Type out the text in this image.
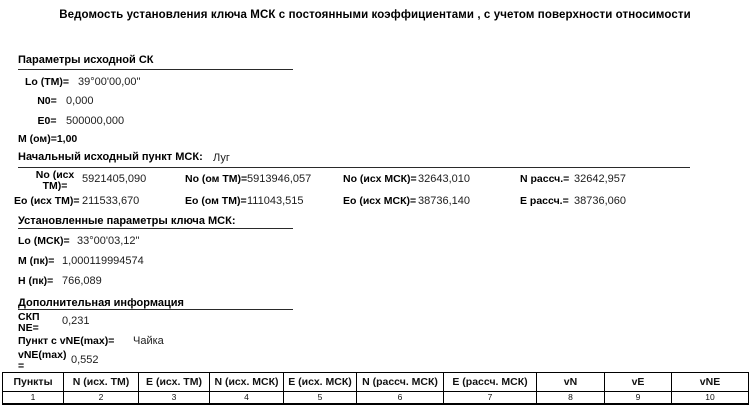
Ведомость установления ключа МСК с постоянными коэффициентами , с учетом поверхности относимости
Параметры исходной СК
Lo (ТМ)= 39°00'00,00"
N0= 0,000
E0= 500000,000
М (ом)=1,00
Начальный исходный пункт МСК: Луг
No (исх ТМ)=
5921405,090	No (ом ТМ)= 5913946,057	No (исх МСК)= 32643,010	N рассч.= 32642,957
Eo (исх ТМ)= 211533,670	Eo (ом ТМ)= 111043,515	Eo (исх МСК)= 38736,140	E рассч.= 38736,060
Установленные параметры ключа МСК:
Lo (МСК)= 33°00'03,12"
М (пк)= 1,000119994574
Н (пк)= 766,089
Дополнительная информация
СКП NE=
0,231
Пункт с vNE(max)= Чайка
vNE(max) =	0,552
Пункты	N (исх. ТМ)	E (исх. ТМ)	N (исх. МСК)	E (исх. МСК)	N (рассч. МСК)	E (рассч. МСК)	vN	vE	vNE
1	2	3	4	5	6	7	8	9	10
